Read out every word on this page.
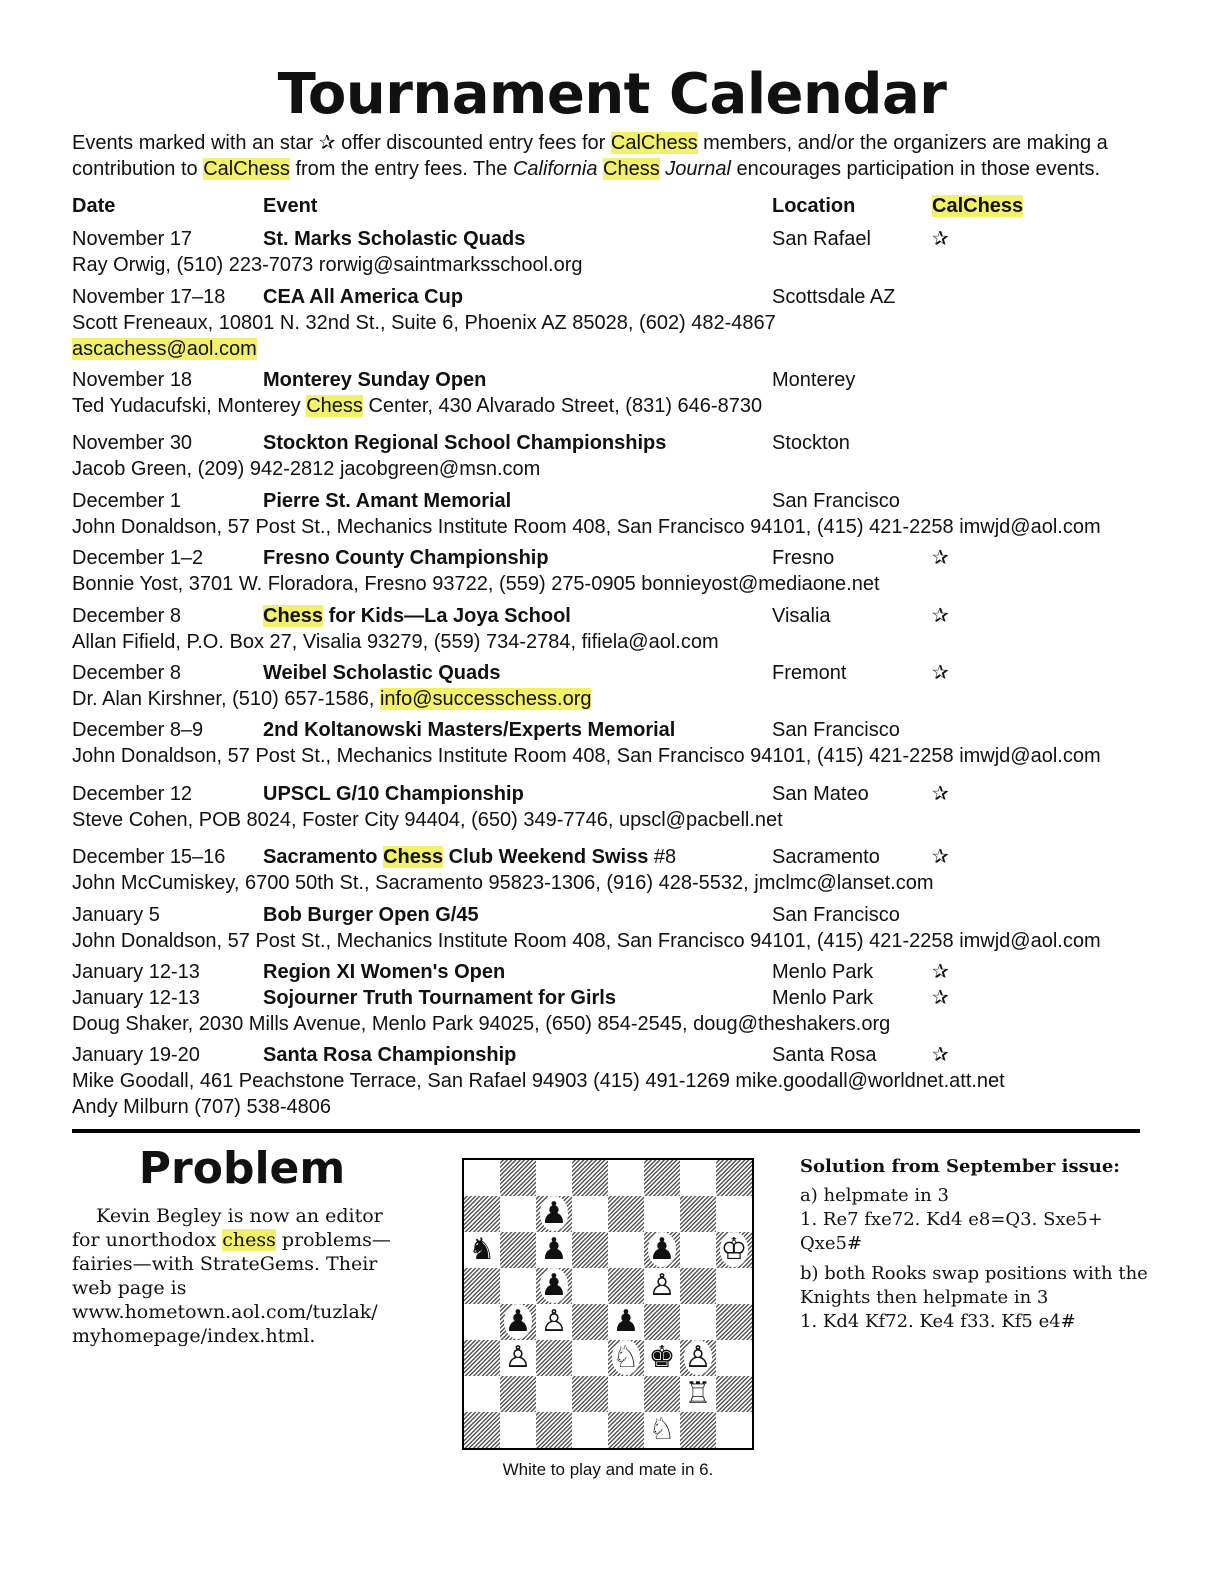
Tournament Calendar
Events marked with an star ✰ offer discounted entry fees for CalChess members, and/or the organizers are making a contribution to CalChess from the entry fees. The California Chess Journal encourages participation in those events.
Date	Event	Location	CalChess
November 17	St. Marks Scholastic Quads	San Rafael	✰
Ray Orwig, (510) 223-7073 rorwig@saintmarksschool.org
November 17–18 CEA All America Cup	Scottsdale AZ
Scott Freneaux, 10801 N. 32nd St., Suite 6, Phoenix AZ 85028, (602) 482-4867
ascachess@aol.com
November 18	Monterey Sunday Open	Monterey
Ted Yudacufski, Monterey Chess Center, 430 Alvarado Street, (831) 646-8730
November 30	Stockton Regional School Championships	Stockton
Jacob Green, (209) 942-2812 jacobgreen@msn.com
December 1	Pierre St. Amant Memorial	San Francisco
John Donaldson, 57 Post St., Mechanics Institute Room 408, San Francisco 94101, (415) 421-2258 imwjd@aol.com
December 1–2	Fresno County Championship	Fresno	✰
Bonnie Yost, 3701 W. Floradora, Fresno 93722, (559) 275-0905 bonnieyost@mediaone.net
December 8	Chess for Kids—La Joya School	Visalia	✰
Allan Fifield, P.O. Box 27, Visalia 93279, (559) 734-2784, fifiela@aol.com
December 8	Weibel Scholastic Quads	Fremont	✰
Dr. Alan Kirshner, (510) 657-1586, info@successchess.org
December 8–9	2nd Koltanowski Masters/Experts Memorial	San Francisco
John Donaldson, 57 Post St., Mechanics Institute Room 408, San Francisco 94101, (415) 421-2258 imwjd@aol.com
December 12	UPSCL G/10 Championship	San Mateo	✰
Steve Cohen, POB 8024, Foster City 94404, (650) 349-7746, upscl@pacbell.net
December 15–16 Sacramento Chess Club Weekend Swiss #8	Sacramento	✰
John McCumiskey, 6700 50th St., Sacramento 95823-1306, (916) 428-5532, jmclmc@lanset.com
January 5	Bob Burger Open G/45	San Francisco
John Donaldson, 57 Post St., Mechanics Institute Room 408, San Francisco 94101, (415) 421-2258 imwjd@aol.com
January 12-13	Region XI Women's Open	Menlo Park	✰
January 12-13	Sojourner Truth Tournament for Girls	Menlo Park	✰
Doug Shaker, 2030 Mills Avenue, Menlo Park 94025, (650) 854-2545, doug@theshakers.org
January 19-20	Santa Rosa Championship	Santa Rosa	✰
Mike Goodall, 461 Peachstone Terrace, San Rafael 94903 (415) 491-1269 mike.goodall@worldnet.att.net
Andy Milburn (707) 538-4806
Problem
Kevin Begley is now an editor for unorthodox chess problems—fairies—with StrateGems. Their web page is www.hometown.aol.com/tuzlak/ myhomepage/index.html.
♟
♞ ♟	♟ ♔
♟	♙
♟ ♙ ♟
♙	♘ ♚ ♙
♖
♘
White to play and mate in 6.
Solution from September issue:
a) helpmate in 3
1. Re7 fxe72. Kd4 e8=Q3. Sxe5+ Qxe5#
b) both Rooks swap positions with the Knights then helpmate in 3
1. Kd4 Kf72. Ke4 f33. Kf5 e4#
